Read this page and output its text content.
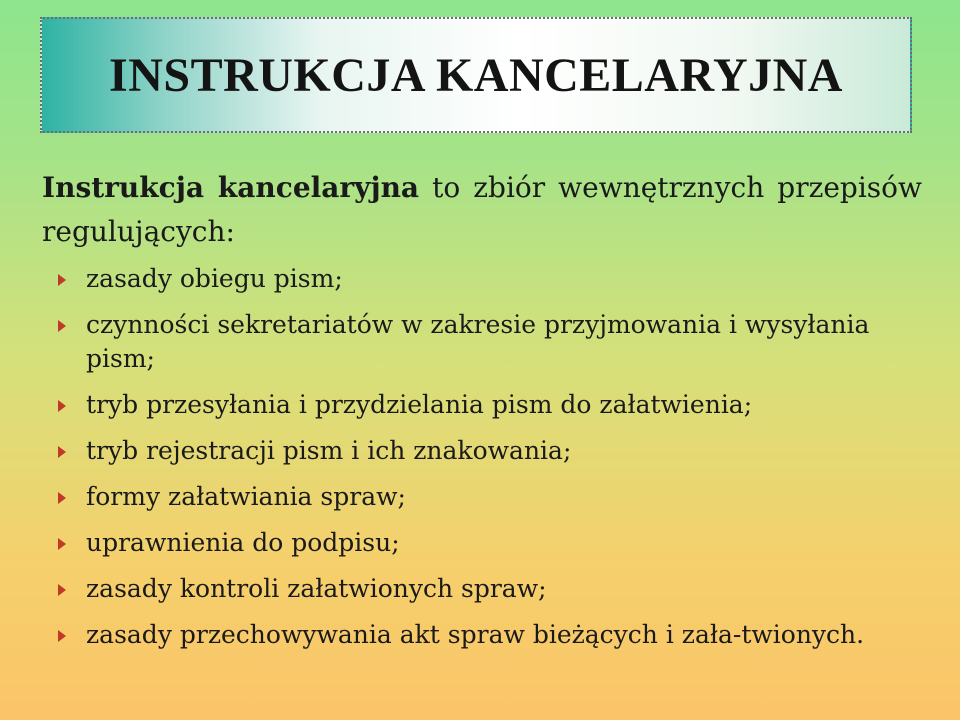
INSTRUKCJA KANCELARYJNA

Instrukcja kancelaryjna to zbiór wewnętrznych przepisów regulujących:

zasady obiegu pism;
czynności sekretariatów w zakresie przyjmowania i wysyłania pism;
tryb przesyłania i przydzielania pism do załatwienia;
tryb rejestracji pism i ich znakowania;
formy załatwiania spraw;
uprawnienia do podpisu;
zasady kontroli załatwionych spraw;
zasady przechowywania akt spraw bieżących i zała-twionych.
